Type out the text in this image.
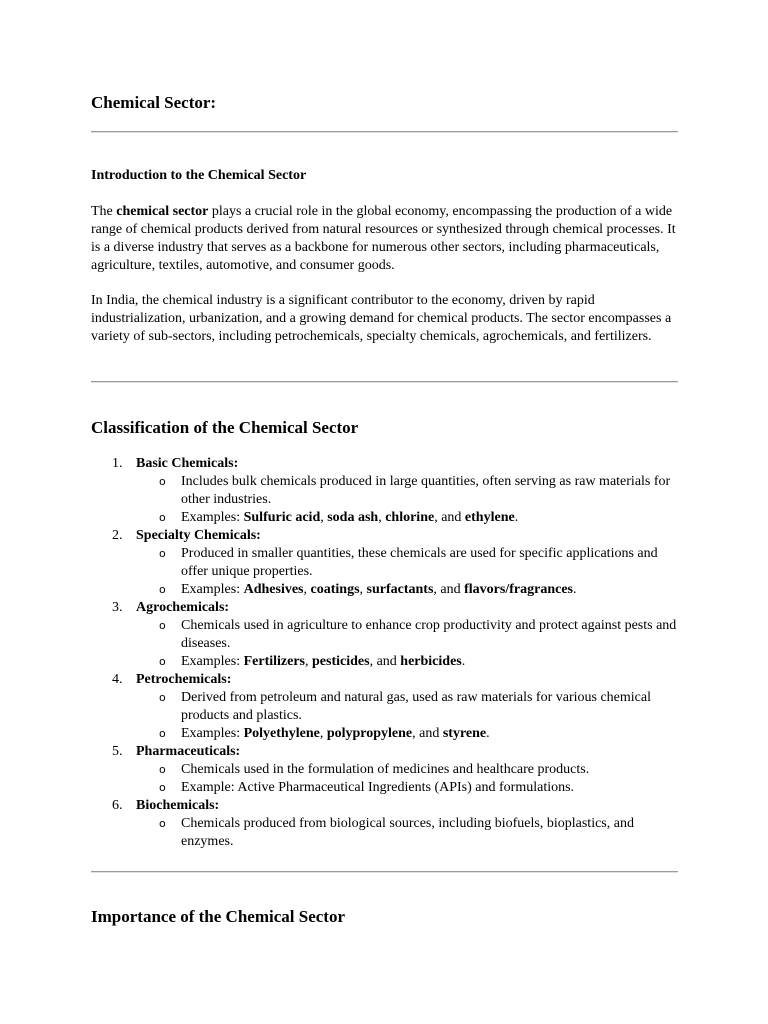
Chemical Sector:
Introduction to the Chemical Sector

The chemical sector plays a crucial role in the global economy, encompassing the production of a wide range of chemical products derived from natural resources or synthesized through chemical processes. It is a diverse industry that serves as a backbone for numerous other sectors, including pharmaceuticals, agriculture, textiles, automotive, and consumer goods.

In India, the chemical industry is a significant contributor to the economy, driven by rapid industrialization, urbanization, and a growing demand for chemical products. The sector encompasses a variety of sub-sectors, including petrochemicals, specialty chemicals, agrochemicals, and fertilizers.

Classification of the Chemical Sector
1. Basic Chemicals:
o Includes bulk chemicals produced in large quantities, often serving as raw materials for other industries.
o Examples: Sulfuric acid, soda ash, chlorine, and ethylene.
2. Specialty Chemicals:
o Produced in smaller quantities, these chemicals are used for specific applications and offer unique properties.
o Examples: Adhesives, coatings, surfactants, and flavors/fragrances.
3. Agrochemicals:
o Chemicals used in agriculture to enhance crop productivity and protect against pests and diseases.
o Examples: Fertilizers, pesticides, and herbicides.
4. Petrochemicals:
o Derived from petroleum and natural gas, used as raw materials for various chemical products and plastics.
o Examples: Polyethylene, polypropylene, and styrene.
5. Pharmaceuticals:
o Chemicals used in the formulation of medicines and healthcare products.
o Example: Active Pharmaceutical Ingredients (APIs) and formulations.
6. Biochemicals:
o Chemicals produced from biological sources, including biofuels, bioplastics, and enzymes.
Importance of the Chemical Sector
